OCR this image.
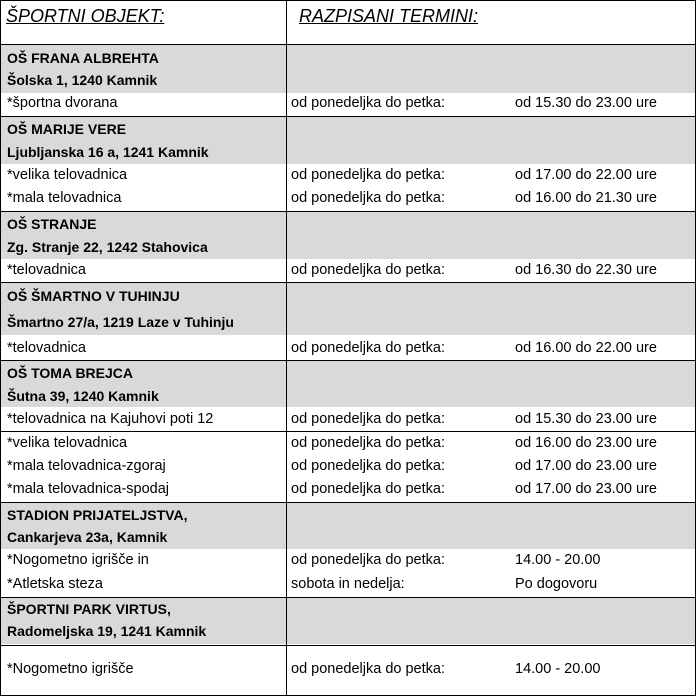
ŠPORTNI OBJEKT:	RAZPISANI TERMINI:
OŠ FRANA ALBREHTA
Šolska 1, 1240 Kamnik
*športna dvorana	od ponedeljka do petka:	od 15.30 do 23.00 ure
OŠ MARIJE VERE
Ljubljanska 16 a, 1241 Kamnik
*velika telovadnica	od ponedeljka do petka:	od 17.00 do 22.00 ure
*mala telovadnica	od ponedeljka do petka:	od 16.00 do 21.30 ure
OŠ STRANJE
Zg. Stranje 22, 1242 Stahovica
*telovadnica	od ponedeljka do petka:	od 16.30 do 22.30 ure
OŠ ŠMARTNO V TUHINJU
Šmartno 27/a, 1219 Laze v Tuhinju
*telovadnica	od ponedeljka do petka:	od 16.00 do 22.00 ure
OŠ TOMA BREJCA
Šutna 39, 1240 Kamnik
*telovadnica na Kajuhovi poti 12	od ponedeljka do petka:	od 15.30 do 23.00 ure
*velika telovadnica	od ponedeljka do petka:	od 16.00 do 23.00 ure
*mala telovadnica-zgoraj	od ponedeljka do petka:	od 17.00 do 23.00 ure
*mala telovadnica-spodaj	od ponedeljka do petka:	od 17.00 do 23.00 ure
STADION PRIJATELJSTVA,
Cankarjeva 23a, Kamnik
*Nogometno igrišče in	od ponedeljka do petka:	14.00 - 20.00
*Atletska steza	sobota in nedelja:	Po dogovoru
ŠPORTNI PARK VIRTUS,
Radomeljska 19, 1241 Kamnik
*Nogometno igrišče	od ponedeljka do petka:	14.00 - 20.00
